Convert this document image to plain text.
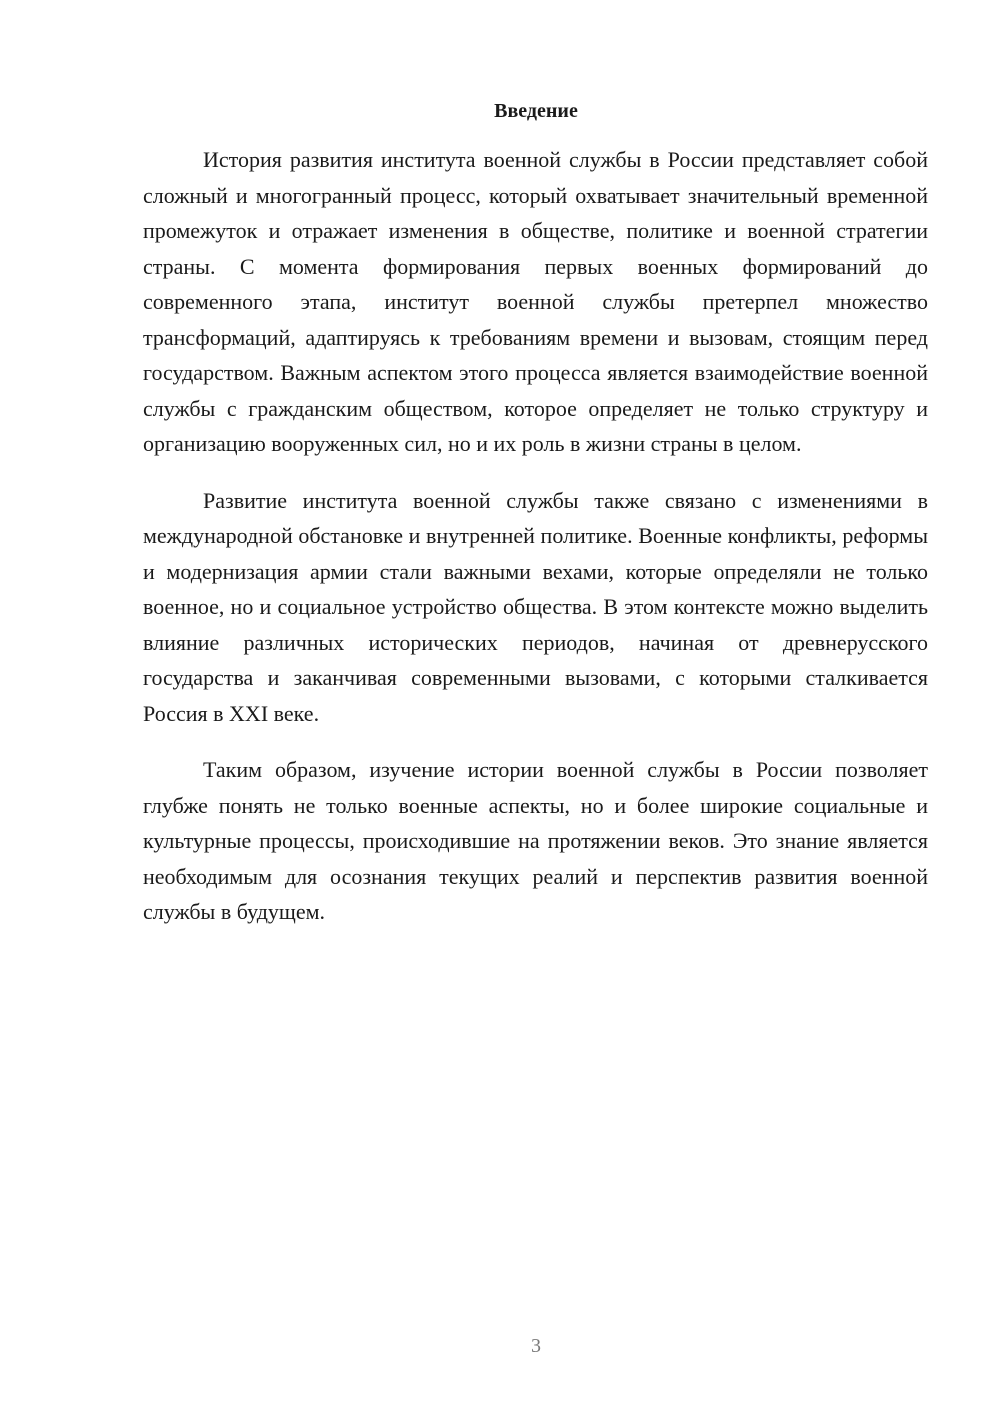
Введение

История развития института военной службы в России представляет собой сложный и многогранный процесс, который охватывает значительный временной промежуток и отражает изменения в обществе, политике и военной стратегии страны. С момента формирования первых военных формирований до современного этапа, институт военной службы претерпел множество трансформаций, адаптируясь к требованиям времени и вызовам, стоящим перед государством. Важным аспектом этого процесса является взаимодействие военной службы с гражданским обществом, которое определяет не только структуру и организацию вооруженных сил, но и их роль в жизни страны в целом.

Развитие института военной службы также связано с изменениями в международной обстановке и внутренней политике. Военные конфликты, реформы и модернизация армии стали важными вехами, которые определяли не только военное, но и социальное устройство общества. В этом контексте можно выделить влияние различных исторических периодов, начиная от древнерусского государства и заканчивая современными вызовами, с которыми сталкивается Россия в XXI веке.

Таким образом, изучение истории военной службы в России позволяет глубже понять не только военные аспекты, но и более широкие социальные и культурные процессы, происходившие на протяжении веков. Это знание является необходимым для осознания текущих реалий и перспектив развития военной службы в будущем.

3
